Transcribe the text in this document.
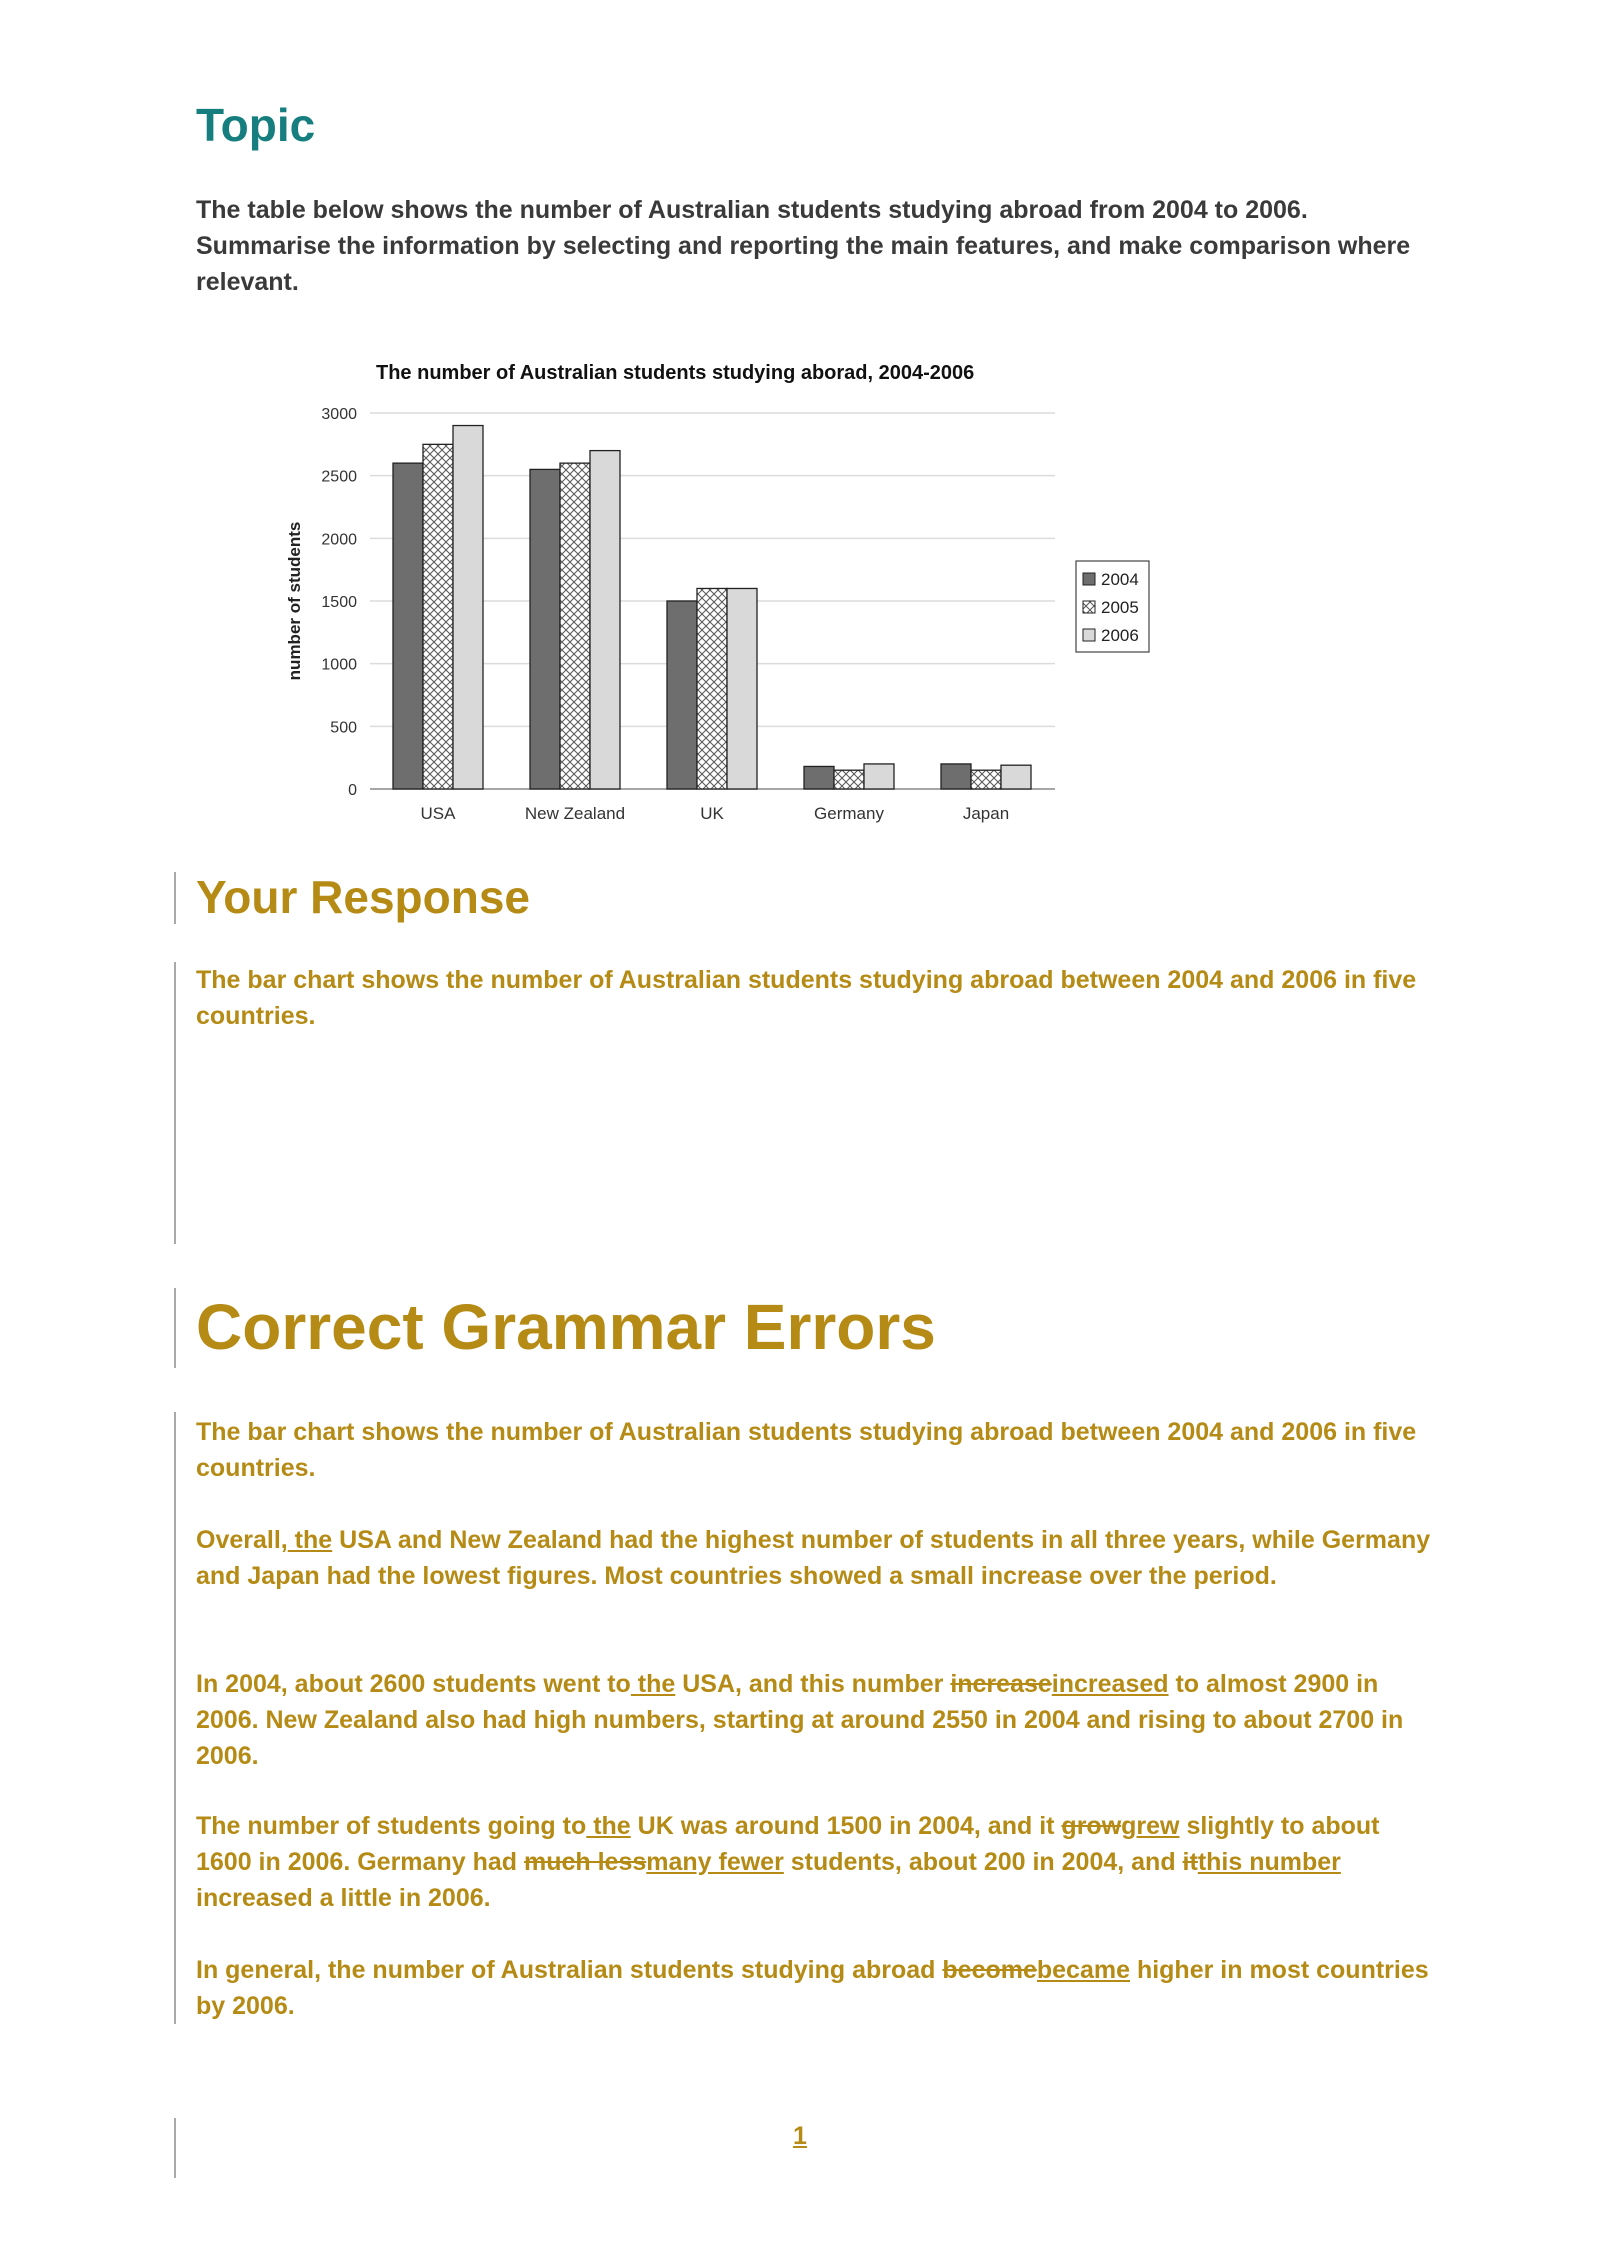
Topic
The table below shows the number of Australian students studying abroad from 2004 to 2006. Summarise the information by selecting and reporting the main features, and make comparison where relevant.
The number of Australian students studying aborad, 2004-2006
0
500
1000
1500
2000
2500
3000
number of students
USA	New Zealand	UK	Germany	Japan
2004
2005
2006
Your Response
The bar chart shows the number of Australian students studying abroad between 2004 and 2006 in five countries.
Correct Grammar Errors
The bar chart shows the number of Australian students studying abroad between 2004 and 2006 in five countries.
Overall, the USA and New Zealand had the highest number of students in all three years, while Germany and Japan had the lowest figures. Most countries showed a small increase over the period.
In 2004, about 2600 students went to the USA, and this number increaseincreased to almost 2900 in 2006. New Zealand also had high numbers, starting at around 2550 in 2004 and rising to about 2700 in 2006.
The number of students going to the UK was around 1500 in 2004, and it growgrew slightly to about 1600 in 2006. Germany had much lessmany fewer students, about 200 in 2004, and itthis number increased a little in 2006.
In general, the number of Australian students studying abroad becomebecame higher in most countries by 2006.
1
